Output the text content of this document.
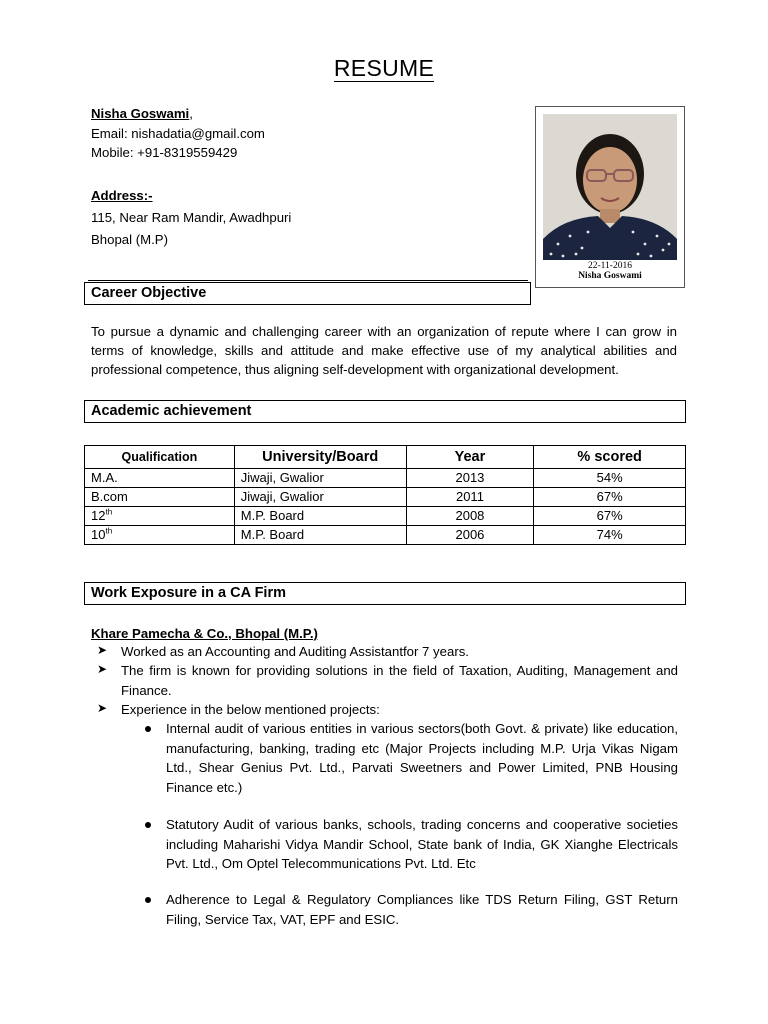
RESUME
Nisha Goswami,
Email: nishadatia@gmail.com
Mobile: +91-8319559429
Address:-
115, Near Ram Mandir, Awadhpuri
Bhopal (M.P)
22-11-2016
Nisha Goswami
Career Objective
To pursue a dynamic and challenging career with an organization of repute where I can grow in terms of knowledge, skills and attitude and make effective use of my analytical abilities and professional competence, thus aligning self-development with organizational development.
Academic achievement
Qualification	University/Board	Year	% scored
M.A.	Jiwaji, Gwalior	2013	54%
B.com	Jiwaji, Gwalior	2011	67%
12th	M.P. Board	2008	67%
10th	M.P. Board	2006	74%
Work Exposure in a CA Firm
Khare Pamecha & Co., Bhopal (M.P.)
➤ Worked as an Accounting and Auditing Assistantfor 7 years.
➤ The firm is known for providing solutions in the field of Taxation, Auditing, Management and Finance.
➤ Experience in the below mentioned projects:
Internal audit of various entities in various sectors(both Govt. & private) like education, manufacturing, banking, trading etc (Major Projects including M.P. Urja Vikas Nigam Ltd., Shear Genius Pvt. Ltd., Parvati Sweetners and Power Limited, PNB Housing Finance etc.)
Statutory Audit of various banks, schools, trading concerns and cooperative societies including Maharishi Vidya Mandir School, State bank of India, GK Xianghe Electricals Pvt. Ltd., Om Optel Telecommunications Pvt. Ltd. Etc
Adherence to Legal & Regulatory Compliances like TDS Return Filing, GST Return Filing, Service Tax, VAT, EPF and ESIC.
